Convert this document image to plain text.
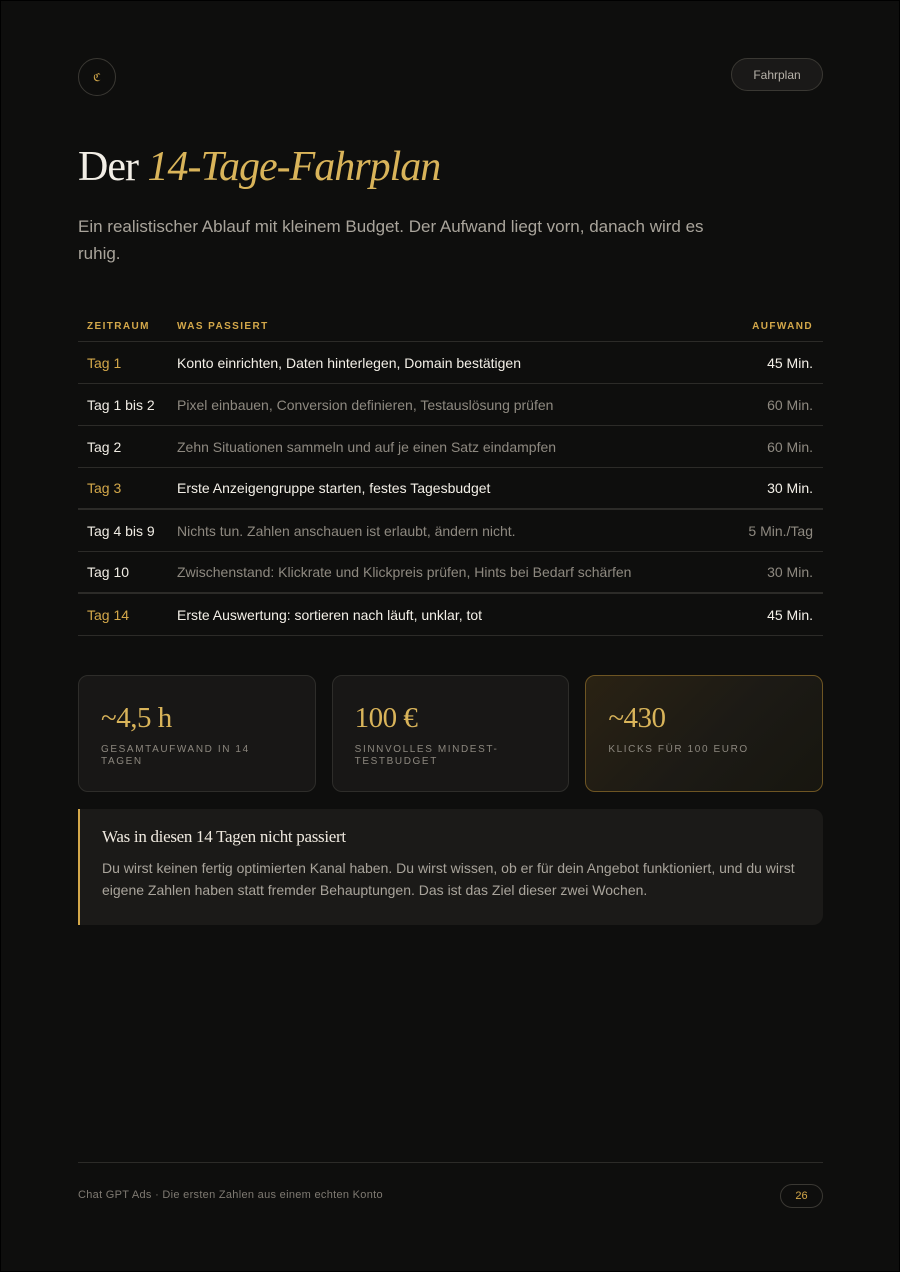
ℭ	Fahrplan
Der 14-Tage-Fahrplan

Ein realistischer Ablauf mit kleinem Budget. Der Aufwand liegt vorn, danach wird es ruhig.

ZEITRAUM	WAS PASSIERT	AUFWAND
Tag 1	Konto einrichten, Daten hinterlegen, Domain bestätigen	45 Min.
Tag 1 bis 2	Pixel einbauen, Conversion definieren, Testauslösung prüfen	60 Min.
Tag 2	Zehn Situationen sammeln und auf je einen Satz eindampfen	60 Min.
Tag 3	Erste Anzeigengruppe starten, festes Tagesbudget	30 Min.
Tag 4 bis 9	Nichts tun. Zahlen anschauen ist erlaubt, ändern nicht.	5 Min./Tag
Tag 10	Zwischenstand: Klickrate und Klickpreis prüfen, Hints bei Bedarf schärfen	30 Min.
Tag 14	Erste Auswertung: sortieren nach läuft, unklar, tot	45 Min.
~4,5 h
GESAMTAUFWAND IN 14 TAGEN
100 €
SINNVOLLES MINDEST-TESTBUDGET
~430
KLICKS FÜR 100 EURO
Was in diesen 14 Tagen nicht passiert

Du wirst keinen fertig optimierten Kanal haben. Du wirst wissen, ob er für dein Angebot funktioniert, und du wirst eigene Zahlen haben statt fremder Behauptungen. Das ist das Ziel dieser zwei Wochen.

Chat GPT Ads · Die ersten Zahlen aus einem echten Konto	26
